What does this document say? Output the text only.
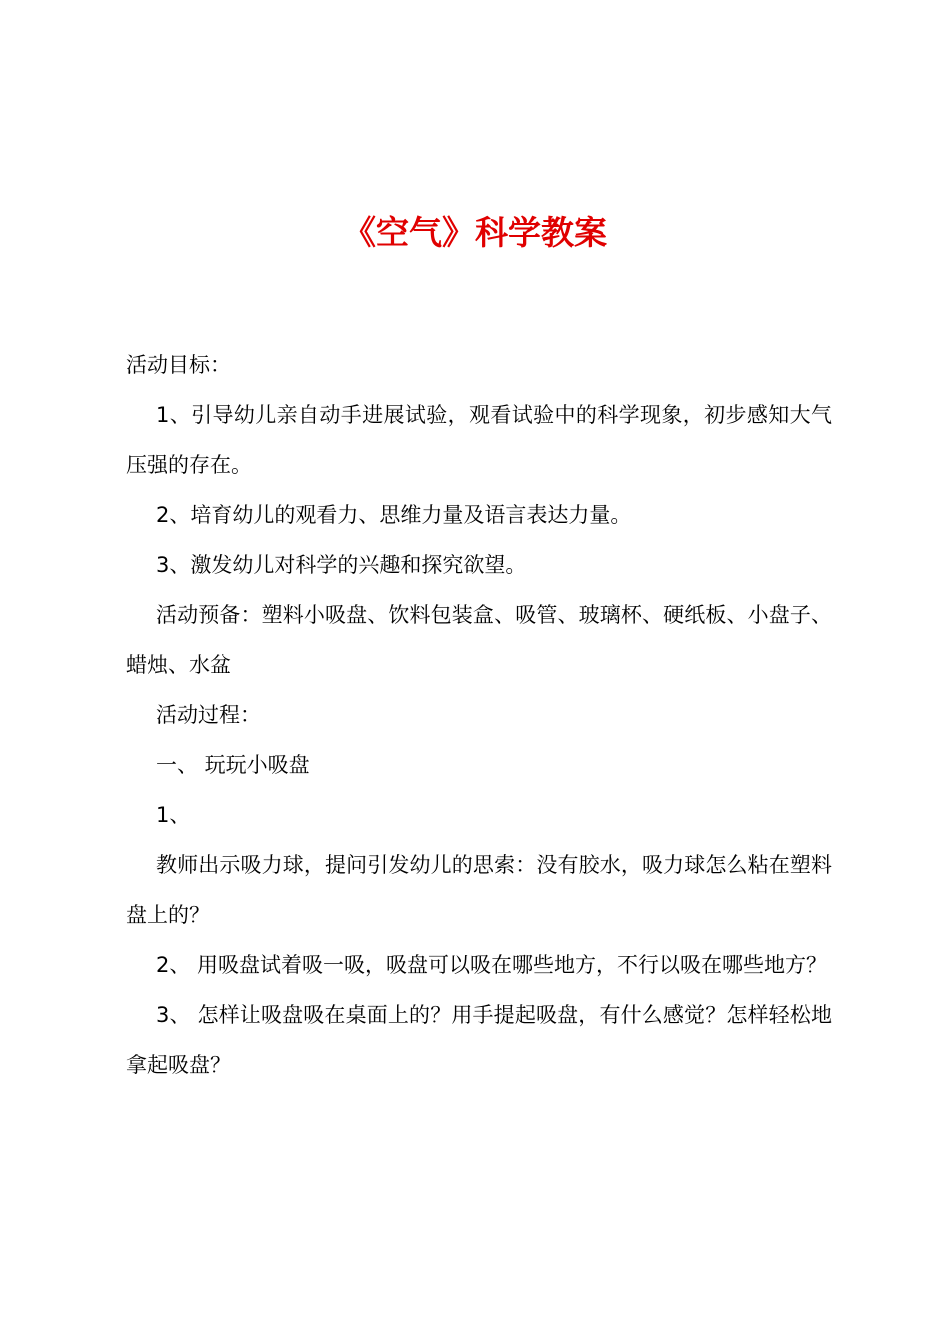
《空气》科学教案

活动目标：

1、引导幼儿亲自动手进展试验，观看试验中的科学现象，初步感知大气压强的存在。

2、培育幼儿的观看力、思维力量及语言表达力量。

3、激发幼儿对科学的兴趣和探究欲望。

活动预备：塑料小吸盘、饮料包装盒、吸管、玻璃杯、硬纸板、小盘子、蜡烛、水盆

活动过程：

一、 玩玩小吸盘

1、

教师出示吸力球，提问引发幼儿的思索：没有胶水，吸力球怎么粘在塑料盘上的？

2、 用吸盘试着吸一吸，吸盘可以吸在哪些地方，不行以吸在哪些地方？

3、 怎样让吸盘吸在桌面上的？用手提起吸盘，有什么感觉？怎样轻松地拿起吸盘？
